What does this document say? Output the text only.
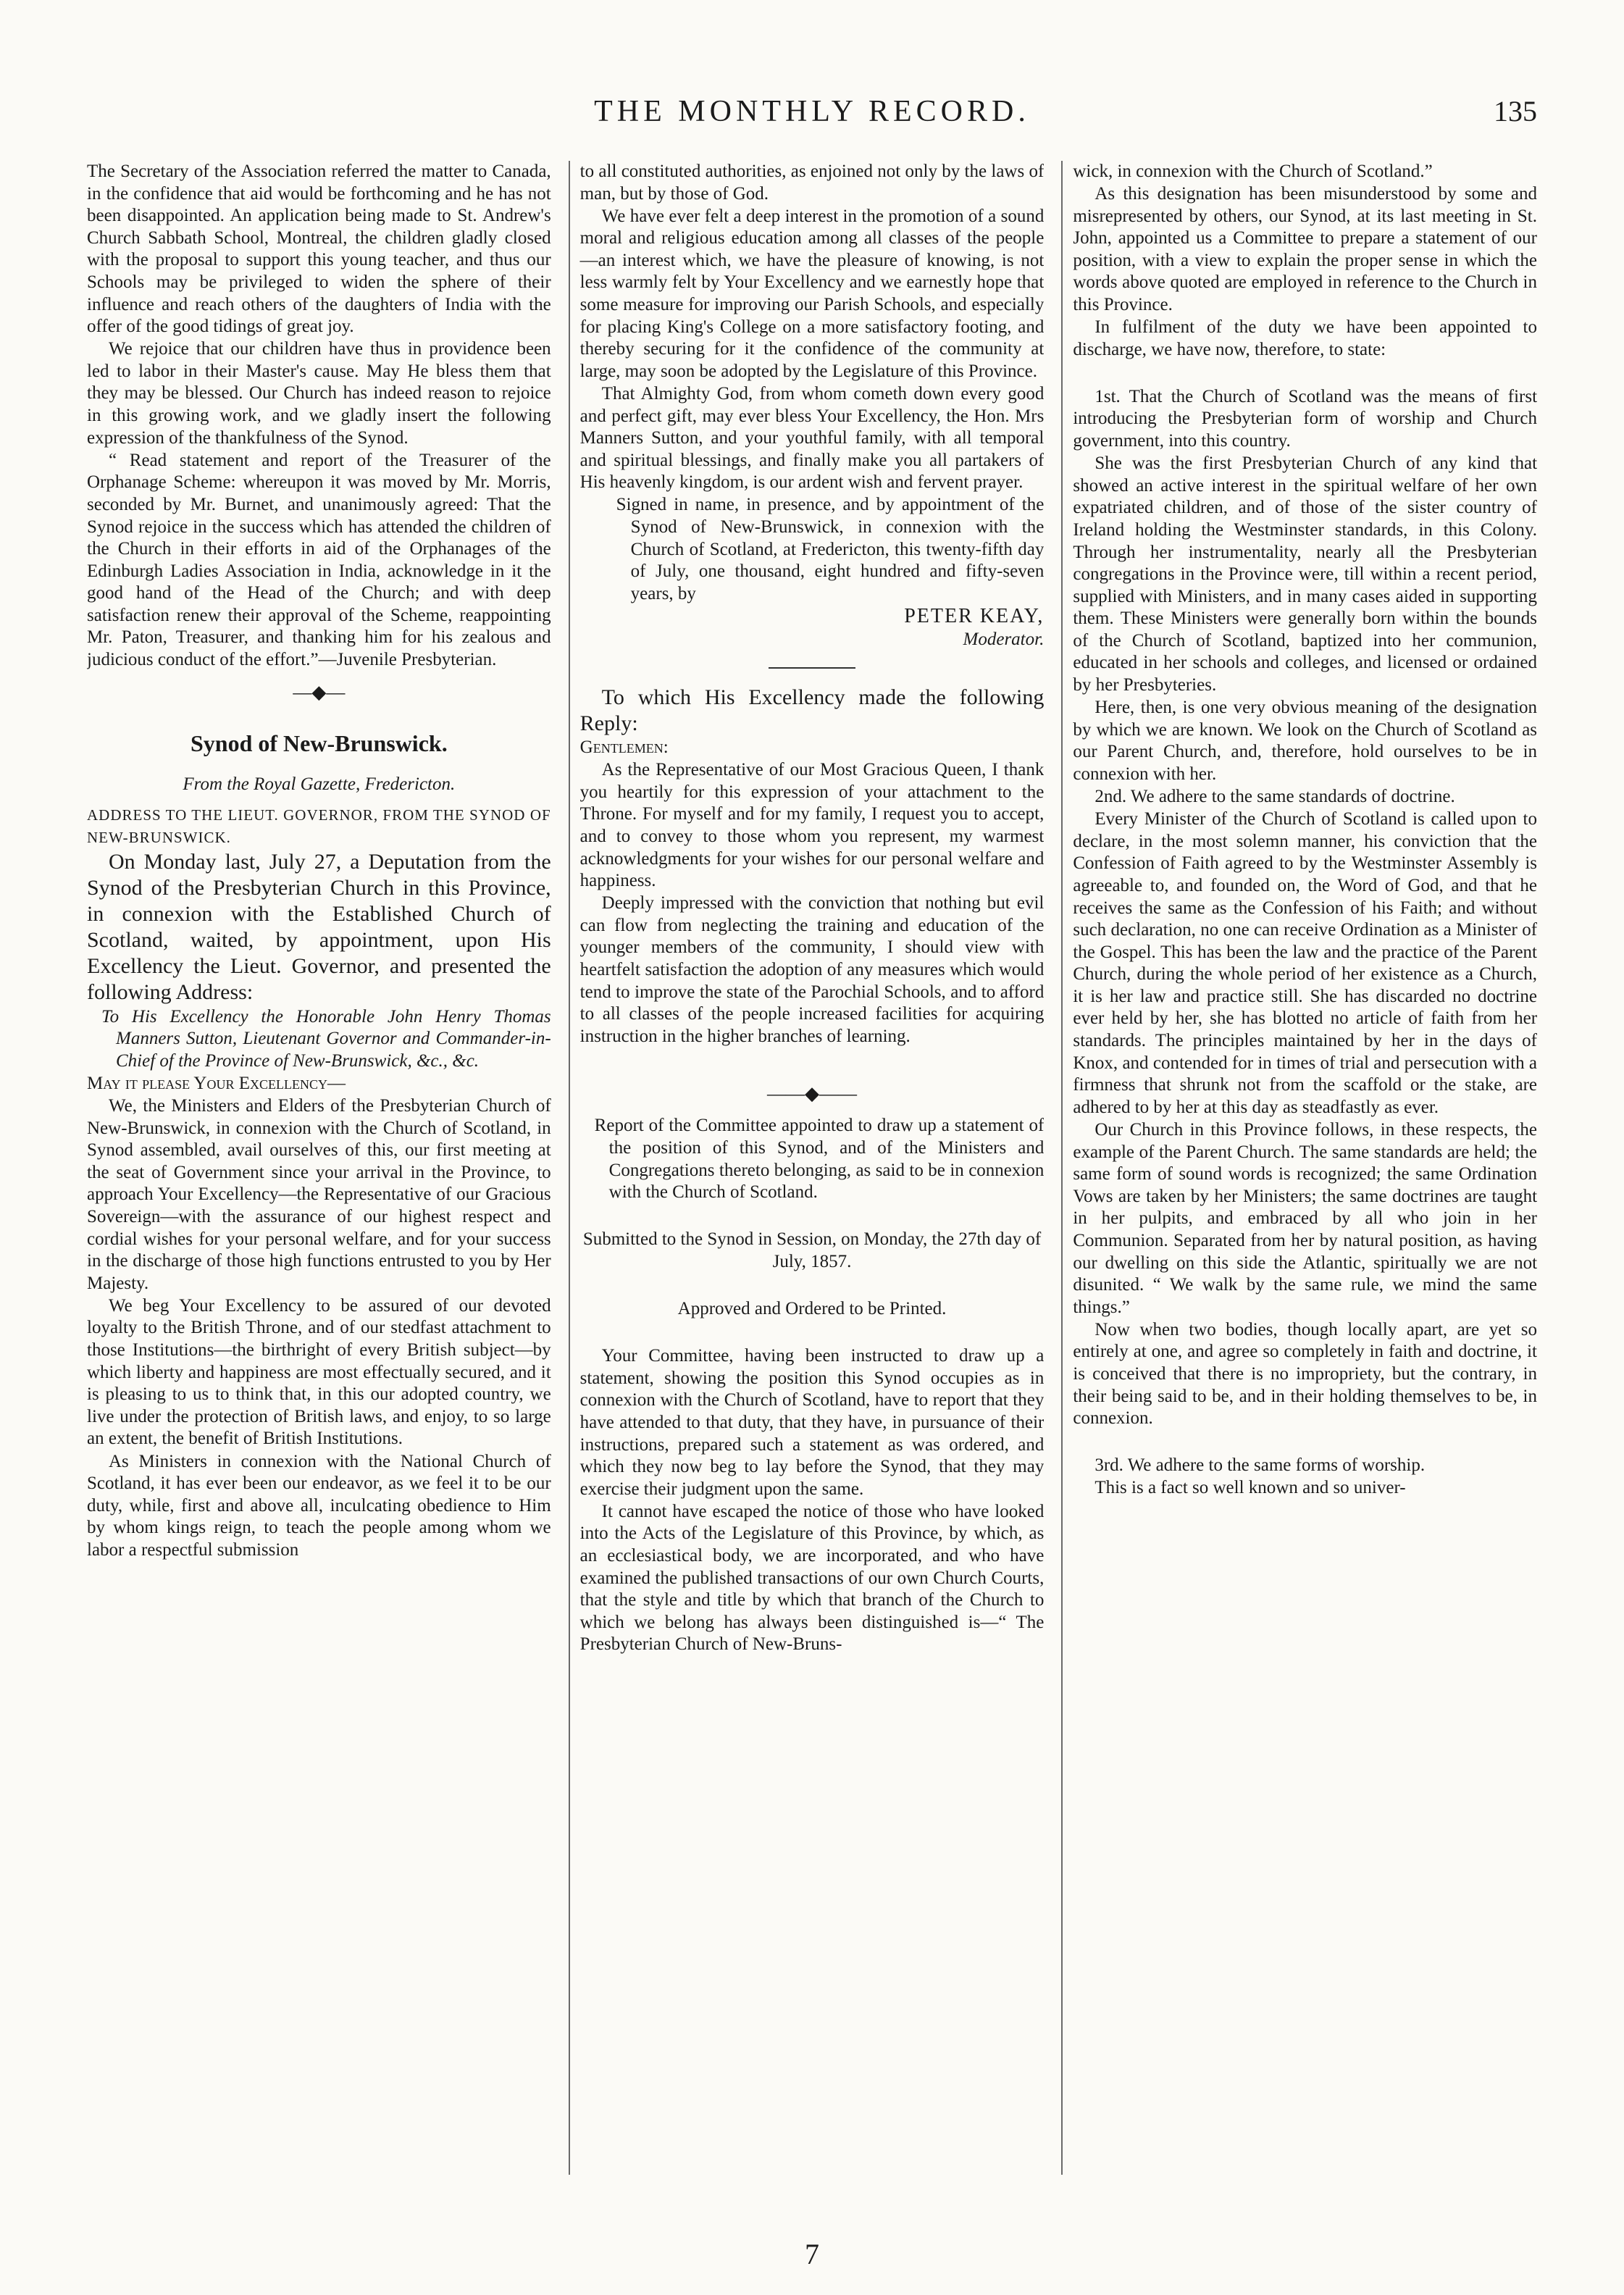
THE MONTHLY RECORD.	135

The Secretary of the Association referred the matter to Canada, in the confidence that aid would be forthcoming and he has not been disappointed. An application being made to St. Andrew's Church Sabbath School, Montreal, the children gladly closed with the proposal to support this young teacher, and thus our Schools may be privileged to widen the sphere of their influence and reach others of the daughters of India with the offer of the good tidings of great joy.

We rejoice that our children have thus in providence been led to labor in their Master's cause. May He bless them that they may be blessed. Our Church has indeed reason to rejoice in this growing work, and we gladly insert the following expression of the thankfulness of the Synod.

“ Read statement and report of the Treasurer of the Orphanage Scheme: whereupon it was moved by Mr. Morris, seconded by Mr. Burnet, and unanimously agreed: That the Synod rejoice in the success which has attended the children of the Church in their efforts in aid of the Orphanages of the Edinburgh Ladies Association in India, acknowledge in it the good hand of the Head of the Church; and with deep satisfaction renew their approval of the Scheme, reappointing Mr. Paton, Treasurer, and thanking him for his zealous and judicious conduct of the effort.”—Juvenile Presbyterian.

—◆—
Synod of New-Brunswick.
From the Royal Gazette, Fredericton.

ADDRESS TO THE LIEUT. GOVERNOR, FROM THE SYNOD OF NEW-BRUNSWICK.

On Monday last, July 27, a Deputation from the Synod of the Presbyterian Church in this Province, in connexion with the Established Church of Scotland, waited, by appointment, upon His Excellency the Lieut. Governor, and presented the following Address:

To His Excellency the Honorable John Henry Thomas Manners Sutton, Lieutenant Governor and Commander-in-Chief of the Province of New-Brunswick, &c., &c.

May it please Your Excellency—

We, the Ministers and Elders of the Presbyterian Church of New-Brunswick, in connexion with the Church of Scotland, in Synod assembled, avail ourselves of this, our first meeting at the seat of Government since your arrival in the Province, to approach Your Excellency—the Representative of our Gracious Sovereign—with the assurance of our highest respect and cordial wishes for your personal welfare, and for your success in the discharge of those high functions entrusted to you by Her Majesty.

We beg Your Excellency to be assured of our devoted loyalty to the British Throne, and of our stedfast attachment to those Institutions—the birthright of every British subject—by which liberty and happiness are most effectually secured, and it is pleasing to us to think that, in this our adopted country, we live under the protection of British laws, and enjoy, to so large an extent, the benefit of British Institutions.

As Ministers in connexion with the National Church of Scotland, it has ever been our endeavor, as we feel it to be our duty, while, first and above all, inculcating obedience to Him by whom kings reign, to teach the people among whom we labor a respectful submission

to all constituted authorities, as enjoined not only by the laws of man, but by those of God.

We have ever felt a deep interest in the promotion of a sound moral and religious education among all classes of the people—an interest which, we have the pleasure of knowing, is not less warmly felt by Your Excellency and we earnestly hope that some measure for improving our Parish Schools, and especially for placing King's College on a more satisfactory footing, and thereby securing for it the confidence of the community at large, may soon be adopted by the Legislature of this Province.

That Almighty God, from whom cometh down every good and perfect gift, may ever bless Your Excellency, the Hon. Mrs Manners Sutton, and your youthful family, with all temporal and spiritual blessings, and finally make you all partakers of His heavenly kingdom, is our ardent wish and fervent prayer.

Signed in name, in presence, and by appointment of the Synod of New-Brunswick, in connexion with the Church of Scotland, at Fredericton, this twenty-fifth day of July, one thousand, eight hundred and fifty-seven years, by

PETER KEAY,

Moderator.

To which His Excellency made the following Reply:

Gentlemen:

As the Representative of our Most Gracious Queen, I thank you heartily for this expression of your attachment to the Throne. For myself and for my family, I request you to accept, and to convey to those whom you represent, my warmest acknowledgments for your wishes for our personal welfare and happiness.

Deeply impressed with the conviction that nothing but evil can flow from neglecting the training and education of the younger members of the community, I should view with heartfelt satisfaction the adoption of any measures which would tend to improve the state of the Parochial Schools, and to afford to all classes of the people increased facilities for acquiring instruction in the higher branches of learning.

——◆——

Report of the Committee appointed to draw up a statement of the position of this Synod, and of the Ministers and Congregations thereto belonging, as said to be in connexion with the Church of Scotland.

Submitted to the Synod in Session, on Monday, the 27th day of July, 1857.

Approved and Ordered to be Printed.

Your Committee, having been instructed to draw up a statement, showing the position this Synod occupies as in connexion with the Church of Scotland, have to report that they have attended to that duty, that they have, in pursuance of their instructions, prepared such a statement as was ordered, and which they now beg to lay before the Synod, that they may exercise their judgment upon the same.

It cannot have escaped the notice of those who have looked into the Acts of the Legislature of this Province, by which, as an ecclesiastical body, we are incorporated, and who have examined the published transactions of our own Church Courts, that the style and title by which that branch of the Church to which we belong has always been distinguished is—“ The Presbyterian Church of New-Bruns-

wick, in connexion with the Church of Scotland.”

As this designation has been misunderstood by some and misrepresented by others, our Synod, at its last meeting in St. John, appointed us a Committee to prepare a statement of our position, with a view to explain the proper sense in which the words above quoted are employed in reference to the Church in this Province.

In fulfilment of the duty we have been appointed to discharge, we have now, therefore, to state:

1st. That the Church of Scotland was the means of first introducing the Presbyterian form of worship and Church government, into this country.

She was the first Presbyterian Church of any kind that showed an active interest in the spiritual welfare of her own expatriated children, and of those of the sister country of Ireland holding the Westminster standards, in this Colony. Through her instrumentality, nearly all the Presbyterian congregations in the Province were, till within a recent period, supplied with Ministers, and in many cases aided in supporting them. These Ministers were generally born within the bounds of the Church of Scotland, baptized into her communion, educated in her schools and colleges, and licensed or ordained by her Presbyteries.

Here, then, is one very obvious meaning of the designation by which we are known. We look on the Church of Scotland as our Parent Church, and, therefore, hold ourselves to be in connexion with her.

2nd. We adhere to the same standards of doctrine.

Every Minister of the Church of Scotland is called upon to declare, in the most solemn manner, his conviction that the Confession of Faith agreed to by the Westminster Assembly is agreeable to, and founded on, the Word of God, and that he receives the same as the Confession of his Faith; and without such declaration, no one can receive Ordination as a Minister of the Gospel. This has been the law and the practice of the Parent Church, during the whole period of her existence as a Church, it is her law and practice still. She has discarded no doctrine ever held by her, she has blotted no article of faith from her standards. The principles maintained by her in the days of Knox, and contended for in times of trial and persecution with a firmness that shrunk not from the scaffold or the stake, are adhered to by her at this day as steadfastly as ever.

Our Church in this Province follows, in these respects, the example of the Parent Church. The same standards are held; the same form of sound words is recognized; the same Ordination Vows are taken by her Ministers; the same doctrines are taught in her pulpits, and embraced by all who join in her Communion. Separated from her by natural position, as having our dwelling on this side the Atlantic, spiritually we are not disunited. “ We walk by the same rule, we mind the same things.”

Now when two bodies, though locally apart, are yet so entirely at one, and agree so completely in faith and doctrine, it is conceived that there is no impropriety, but the contrary, in their being said to be, and in their holding themselves to be, in connexion.

3rd. We adhere to the same forms of worship.

This is a fact so well known and so univer-

7
